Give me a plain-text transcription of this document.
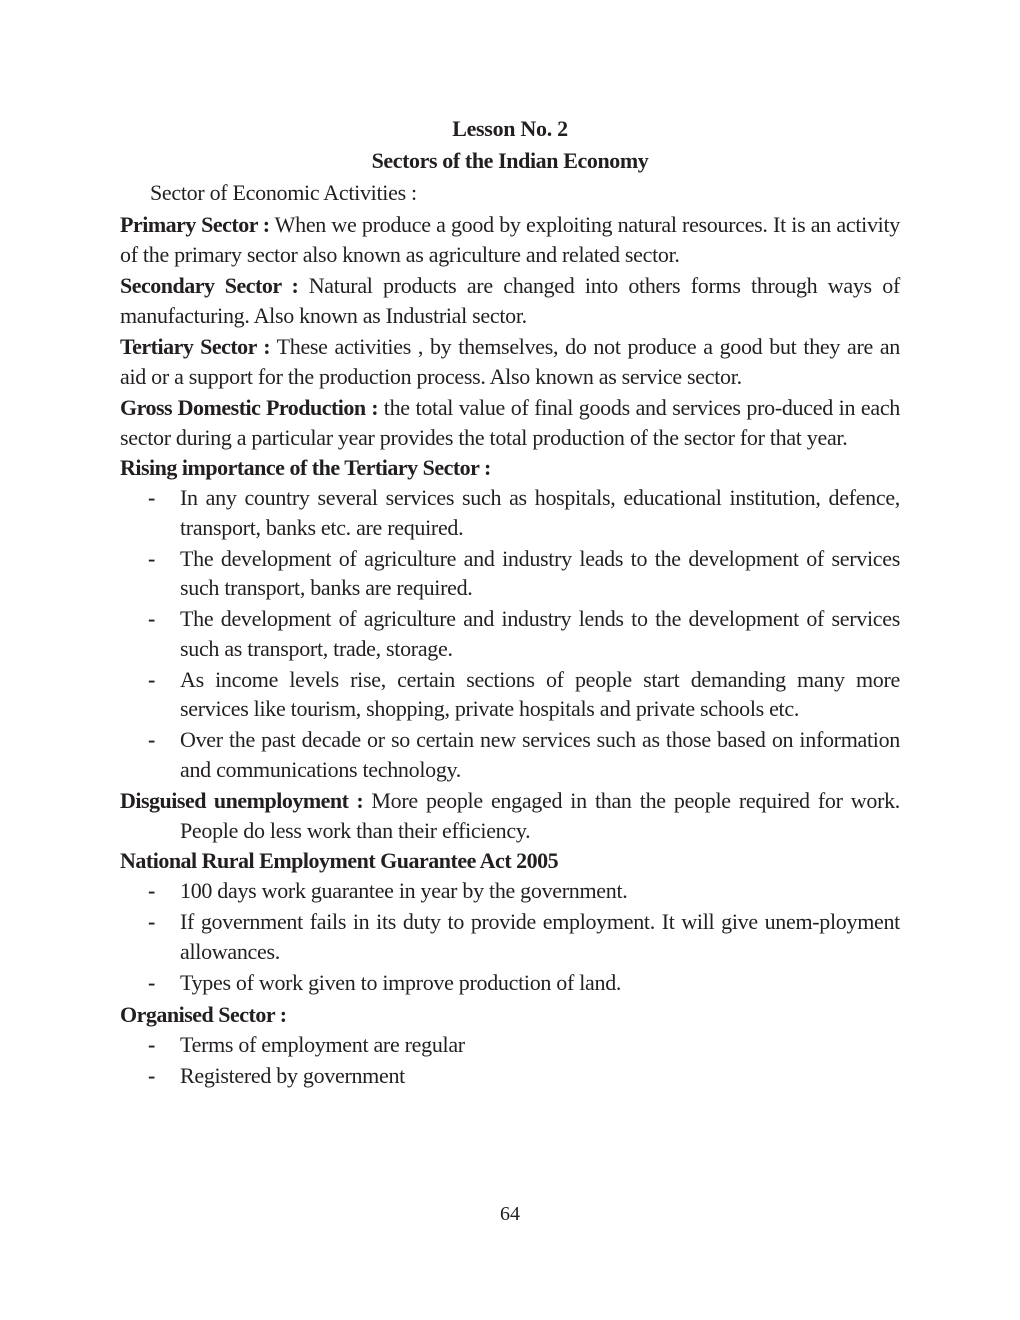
Lesson No. 2
Sectors of the Indian Economy
Sector of Economic Activities :
Primary Sector : When we produce a good by exploiting natural resources. It is an activity of the primary sector also known as agriculture and related sector.
Secondary Sector : Natural products are changed into others forms through ways of manufacturing. Also known as Industrial sector.
Tertiary Sector : These activities , by themselves, do not produce a good but they are an aid or a support for the production process. Also known as service sector.
Gross Domestic Production : the total value of final goods and services pro-duced in each sector during a particular year provides the total production of the sector for that year.
Rising importance of the Tertiary Sector :
- In any country several services such as hospitals, educational institution, defence, transport, banks etc. are required.
- The development of agriculture and industry leads to the development of services such transport, banks are required.
- The development of agriculture and industry lends to the development of services such as transport, trade, storage.
- As income levels rise, certain sections of people start demanding many more services like tourism, shopping, private hospitals and private schools etc.
- Over the past decade or so certain new services such as those based on information and communications technology.
Disguised unemployment : More people engaged in than the people required for work. People do less work than their efficiency.
National Rural Employment Guarantee Act 2005
- 100 days work guarantee in year by the government.
- If government fails in its duty to provide employment. It will give unem-ployment allowances.
- Types of work given to improve production of land.
Organised Sector :
- Terms of employment are regular
- Registered by government
64
